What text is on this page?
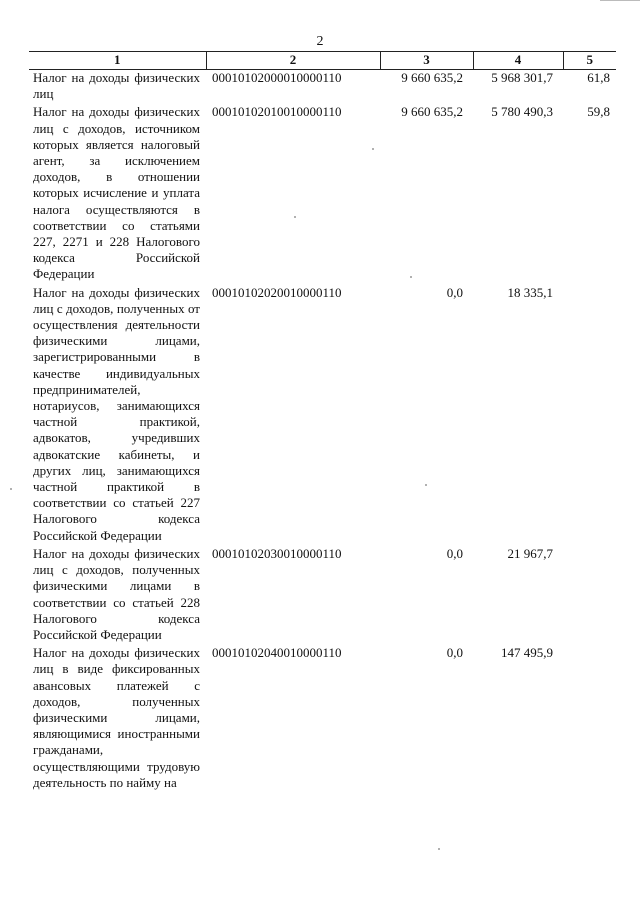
2
1	2	3	4	5
Налог на доходы физических лиц	00010102000010000110	9 660 635,2	5 968 301,7	61,8
Налог на доходы физических лиц с доходов, источником которых является налоговый агент, за исключением доходов, в отношении которых исчисление и уплата налога осуществляются в соответствии со статьями 227, 2271 и 228 Налогового кодекса Российской Федерации	00010102010010000110	9 660 635,2	5 780 490,3	59,8
Налог на доходы физических лиц с доходов, полученных от осуществления деятельности физическими лицами, зарегистрированными в качестве индивидуальных предпринимателей, нотариусов, занимающихся частной практикой, адвокатов, учредивших адвокатские кабинеты, и других лиц, занимающихся частной практикой в соответствии со статьей 227 Налогового кодекса Российской Федерации	00010102020010000110	0,0	18 335,1	
Налог на доходы физических лиц с доходов, полученных физическими лицами в соответствии со статьей 228 Налогового кодекса Российской Федерации	00010102030010000110	0,0	21 967,7	
Налог на доходы физических лиц в виде фиксированных авансовых платежей с доходов, полученных физическими лицами, являющимися иностранными гражданами, осуществляющими трудовую деятельность по найму на	00010102040010000110	0,0	147 495,9	
